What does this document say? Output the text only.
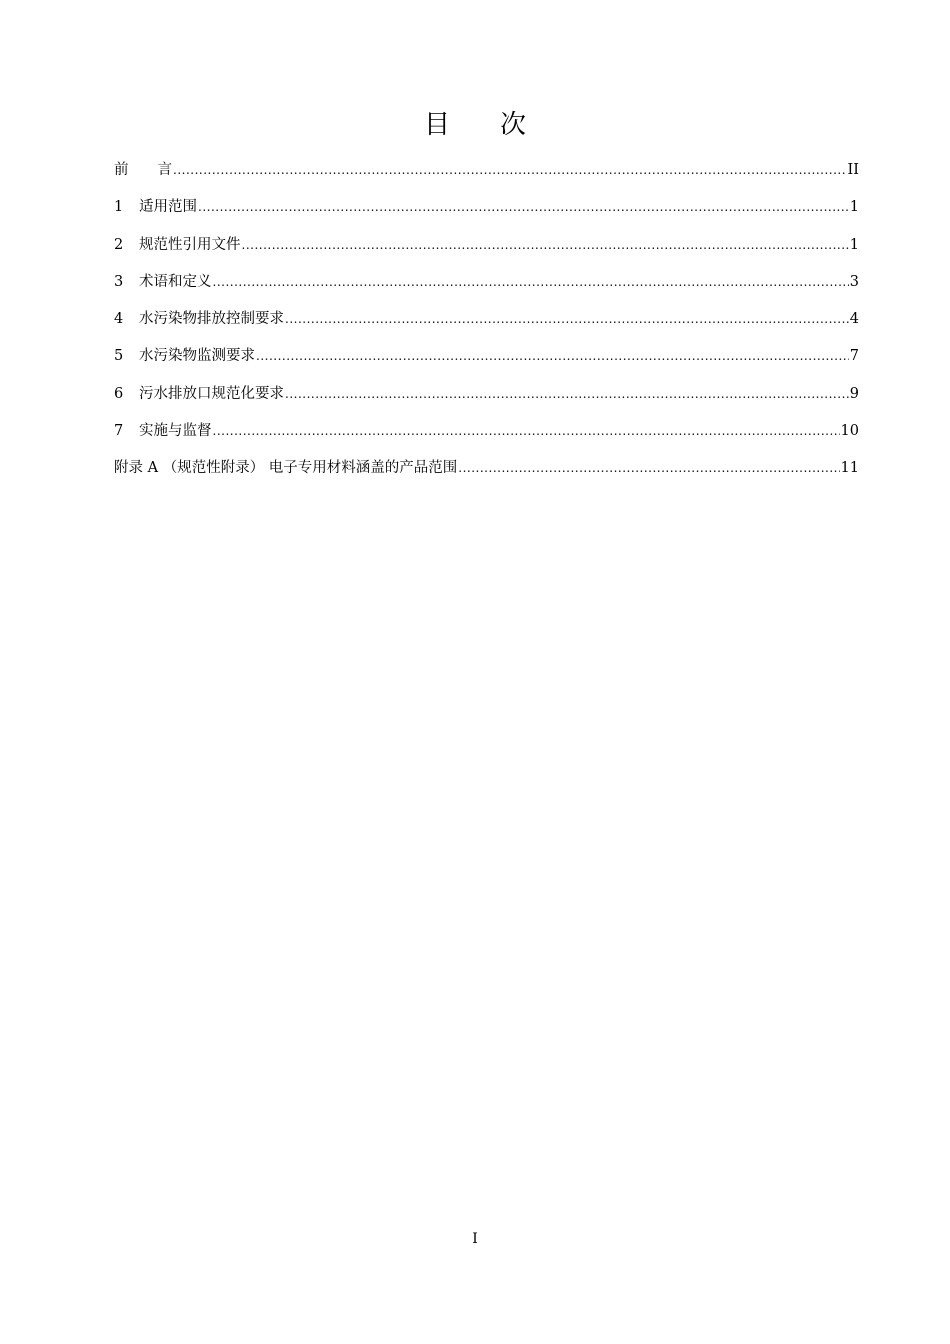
目 次
前　　言 .....	II
1	适用范围 .....	1
2	规范性引用文件 .....	1
3	术语和定义 .....	3
4	水污染物排放控制要求 .....	4
5	水污染物监测要求 .....	7
6	污水排放口规范化要求 .....	9
7	实施与监督 .....	10
附录 A （规范性附录） 电子专用材料涵盖的产品范围 .....	11
I
